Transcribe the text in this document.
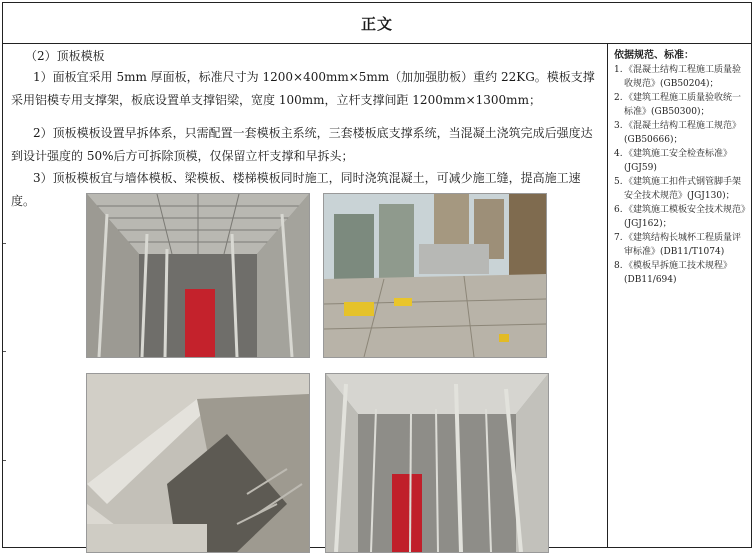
正文
（2）顶板模板
1）面板宜采用 5mm 厚面板，标准尺寸为 1200×400mm×5mm（加加强肋板）重约 22KG。模板支撑采用铝模专用支撑架，板底设置单支撑铝梁，宽度 100mm，立杆支撑间距 1200mm×1300mm；
2）顶板模板设置早拆体系，只需配置一套模板主系统，三套楼板底支撑系统，当混凝土浇筑完成后强度达到设计强度的 50%后方可拆除顶模，仅保留立杆支撑和早拆头；
3）顶板模板宜与墙体模板、梁模板、楼梯模板同时施工，同时浇筑混凝土，可减少施工缝，提高施工速度。
依据规范、标准：
1. 《混凝土结构工程施工质量验收规范》(GB50204)；
2. 《建筑工程施工质量验收统一标准》(GB50300)；
3. 《混凝土结构工程施工规范》(GB50666)；
4. 《建筑施工安全检查标准》(JGJ59)
5. 《建筑施工扣件式钢管脚手架安全技术规范》(JGJ130)；
6. 《建筑施工模板安全技术规范》(JGJ162)；
7. 《建筑结构长城杯工程质量评审标准》(DB11/T1074)
8. 《模板早拆施工技术规程》(DB11/694)
